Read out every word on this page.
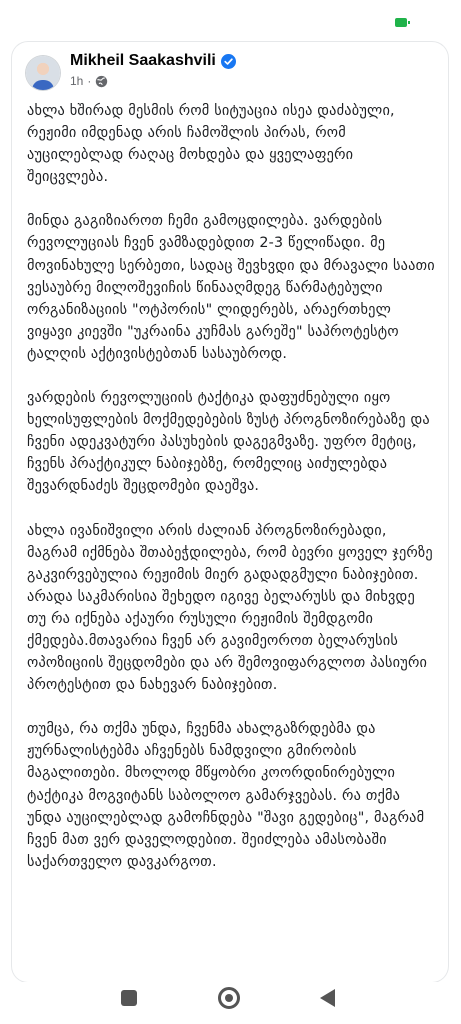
Mikheil Saakashvili
1h ·

ახლა ხშირად მესმის რომ სიტუაცია ისეა დაძაბული, რეჟიმი იმდენად არის ჩამოშლის პირას, რომ აუცილებლად რაღაც მოხდება და ყველაფერი შეიცვლება.

მინდა გაგიზიაროთ ჩემი გამოცდილება. ვარდების რევოლუციას ჩვენ ვამზადებდით 2-3 წელიწადი. მე მოვინახულე სერბეთი, სადაც შევხვდი და მრავალი საათი ვესაუბრე მილოშევიჩის წინააღმდეგ წარმატებული ორგანიზაციის "ოტპორის" ლიდერებს, არაერთხელ ვიყავი კიევში "უკრაინა კუჩმას გარეშე" საპროტესტო ტალღის აქტივისტებთან სასაუბროდ.

ვარდების რევოლუციის ტაქტიკა დაფუძნებული იყო ხელისუფლების მოქმედებების ზუსტ პროგნოზირებაზე და ჩვენი ადეკვატური პასუხების დაგეგმვაზე. უფრო მეტიც, ჩვენს პრაქტიკულ ნაბიჯებზე, რომელიც აიძულებდა შევარდნაძეს შეცდომები დაეშვა.

ახლა ივანიშვილი არის ძალიან პროგნოზირებადი, მაგრამ იქმნება შთაბეჭდილება, რომ ბევრი ყოველ ჯერზე გაკვირვებულია რეჟიმის მიერ გადადგმული ნაბიჯებით. არადა საკმარისია შეხედო იგივე ბელარუსს და მიხვდე თუ რა იქნება აქაური რუსული რეჟიმის შემდგომი ქმედება.მთავარია ჩვენ არ გავიმეოროთ ბელარუსის ოპოზიციის შეცდომები და არ შემოვიფარგლოთ პასიური პროტესტით და ნახევარ ნაბიჯებით.

თუმცა, რა თქმა უნდა, ჩვენმა ახალგაზრდებმა და ჟურნალისტებმა აჩვენებს ნამდვილი გმირობის მაგალითები. მხოლოდ მწყობრი კოორდინირებული ტაქტიკა მოგვიტანს საბოლოო გამარჯვებას. რა თქმა უნდა აუცილებლად გამოჩნდება "შავი გედებიც", მაგრამ ჩვენ მათ ვერ დაველოდებით. შეიძლება ამასობაში საქართველო დავკარგოთ.
